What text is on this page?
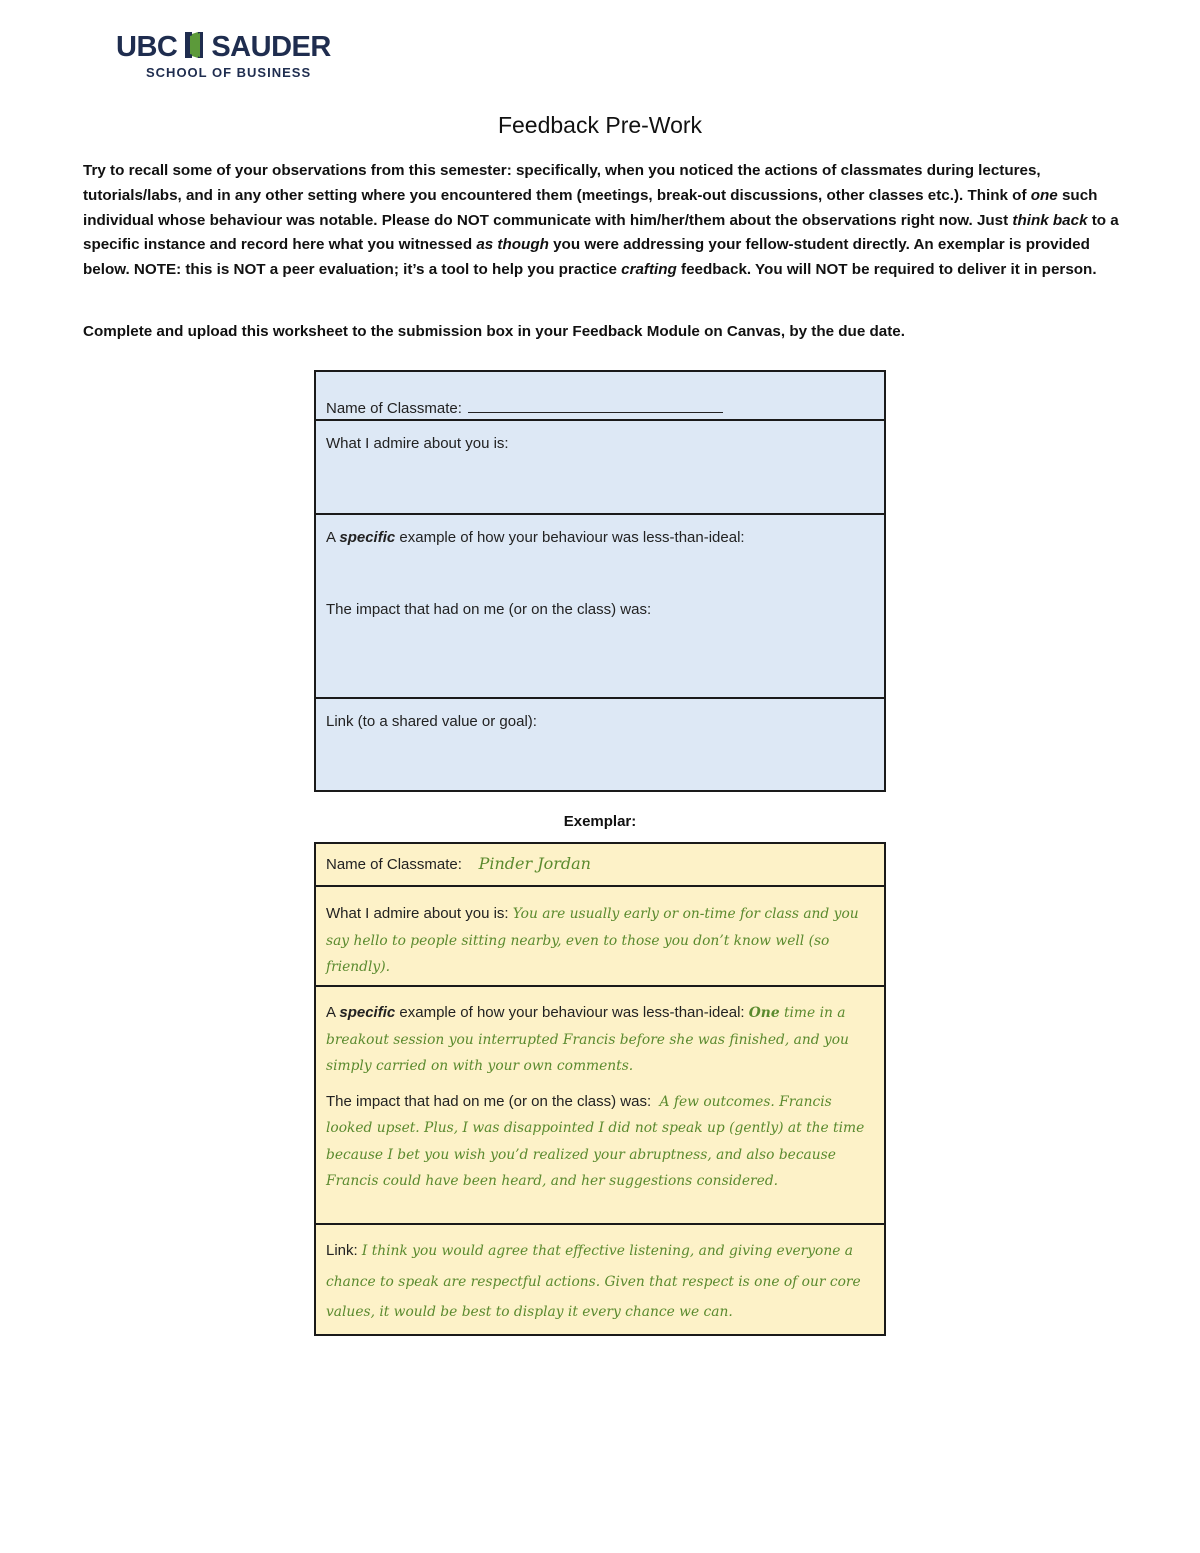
UBC SAUDER
SCHOOL OF BUSINESS
Feedback Pre-Work
Try to recall some of your observations from this semester: specifically, when you noticed the actions of classmates during lectures, tutorials/labs, and in any other setting where you encountered them (meetings, break-out discussions, other classes etc.). Think of one such individual whose behaviour was notable. Please do NOT communicate with him/her/them about the observations right now. Just think back to a specific instance and record here what you witnessed as though you were addressing your fellow-student directly. An exemplar is provided below. NOTE: this is NOT a peer evaluation; it’s a tool to help you practice crafting feedback. You will NOT be required to deliver it in person.
Complete and upload this worksheet to the submission box in your Feedback Module on Canvas, by the due date.
Name of Classmate:
What I admire about you is:
A specific example of how your behaviour was less-than-ideal:
The impact that had on me (or on the class) was:
Link (to a shared value or goal):
Exemplar:

Name of Classmate: Pinder Jordan

What I admire about you is: You are usually early or on-time for class and you say hello to people sitting nearby, even to those you don’t know well (so friendly).

A specific example of how your behaviour was less-than-ideal: One time in a breakout session you interrupted Francis before she was finished, and you simply carried on with your own comments.

The impact that had on me (or on the class) was: A few outcomes. Francis looked upset. Plus, I was disappointed I did not speak up (gently) at the time because I bet you wish you’d realized your abruptness, and also because Francis could have been heard, and her suggestions considered.

Link: I think you would agree that effective listening, and giving everyone a chance to speak are respectful actions. Given that respect is one of our core values, it would be best to display it every chance we can.
